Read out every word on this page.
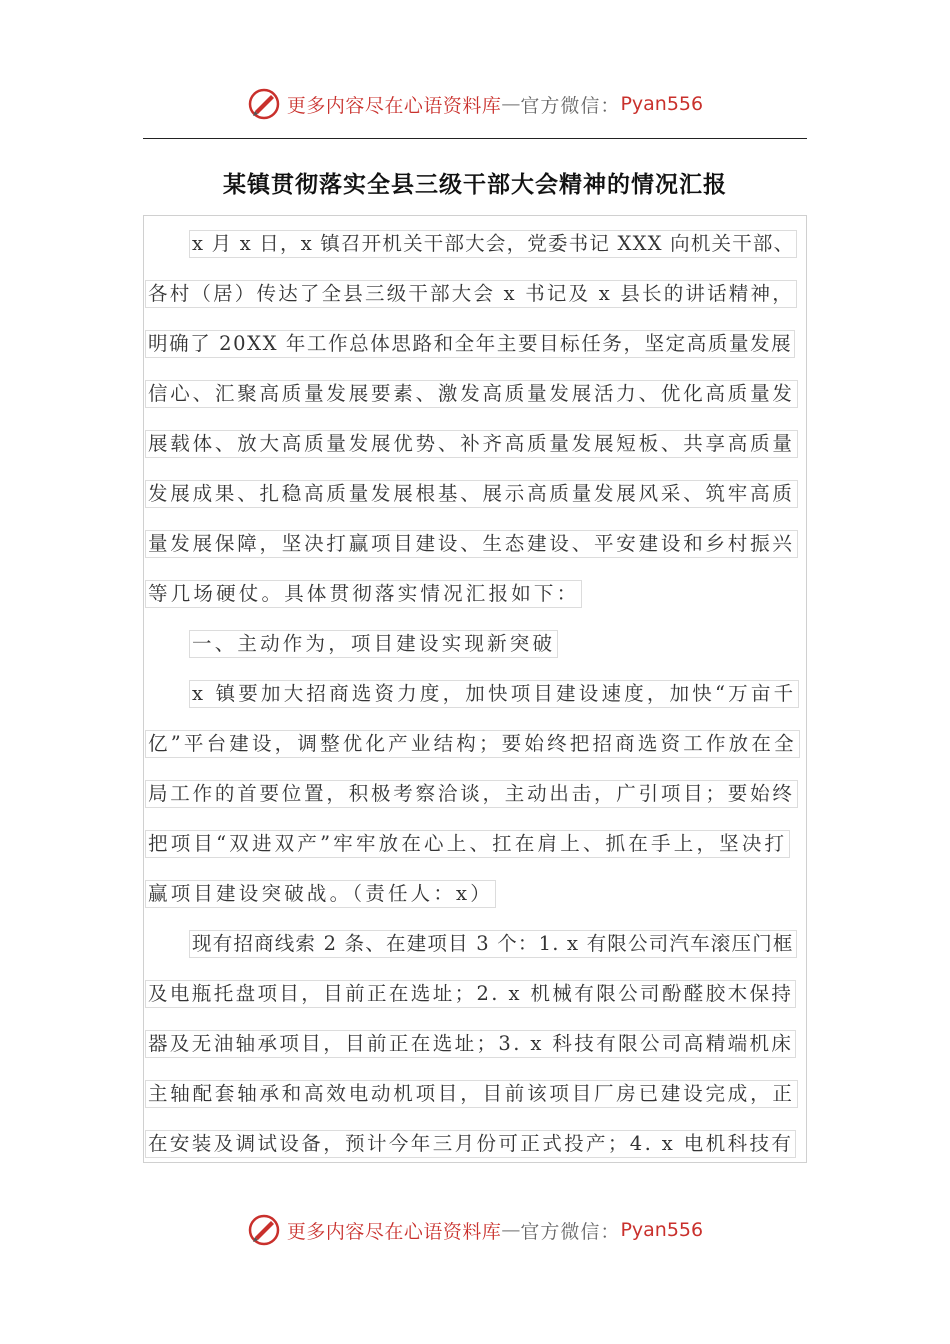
更多内容尽在心语资料库 — 官方微信： Pyan556
某镇贯彻落实全县三级干部大会精神的情况汇报
x 月 x 日，x 镇召开机关干部大会，党委书记 XXX 向机关干部、
各村（居）传达了全县三级干部大会 x 书记及 x 县长的讲话精神，
明确了 20XX 年工作总体思路和全年主要目标任务，坚定高质量发展
信心、汇聚高质量发展要素、激发高质量发展活力、优化高质量发
展载体、放大高质量发展优势、补齐高质量发展短板、共享高质量
发展成果、扎稳高质量发展根基、展示高质量发展风采、筑牢高质
量发展保障，坚决打赢项目建设、生态建设、平安建设和乡村振兴
等几场硬仗。具体贯彻落实情况汇报如下：
一、主动作为，项目建设实现新突破
x 镇要加大招商选资力度，加快项目建设速度，加快“万亩千
亿”平台建设，调整优化产业结构；要始终把招商选资工作放在全
局工作的首要位置，积极考察洽谈，主动出击，广引项目；要始终
把项目“双进双产”牢牢放在心上、扛在肩上、抓在手上，坚决打
赢项目建设突破战。（责任人：x）
现有招商线索 2 条、在建项目 3 个：1. x 有限公司汽车滚压门框
及电瓶托盘项目，目前正在选址；2. x 机械有限公司酚醛胶木保持
器及无油轴承项目，目前正在选址；3. x 科技有限公司高精端机床
主轴配套轴承和高效电动机项目，目前该项目厂房已建设完成，正
在安装及调试设备，预计今年三月份可正式投产；4. x 电机科技有
更多内容尽在心语资料库 — 官方微信： Pyan556
